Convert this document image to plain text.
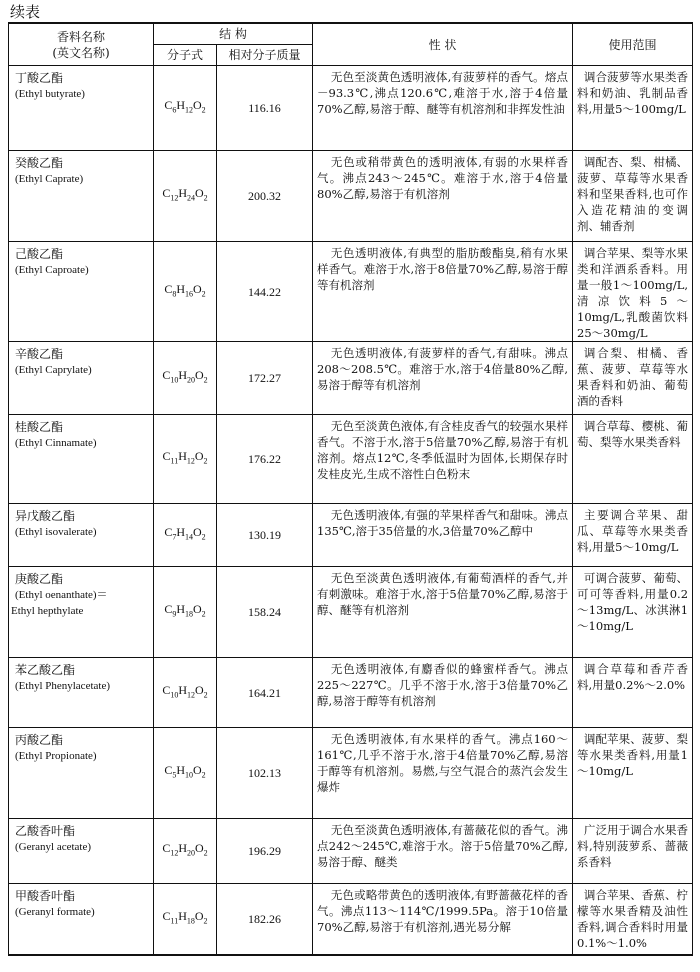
续表
香料名称
(英文名称)	结 构		性 状	使用范围
	分子式	相对分子质量		

丁酸乙酯
(Ethyl butyrate)	$C_6H_{12}O_2$	116.16	无色至淡黄色透明液体,有菠萝样的香气。熔点－93.3℃,沸点120.6℃,难溶于水,溶于4倍量70%乙醇,易溶于醇、醚等有机溶剂和非挥发性油	调合菠萝等水果类香料和奶油、乳制品香料,用量5～100mg/L

癸酸乙酯
(Ethyl Caprate)	$C_{12}H_{24}O_2$	200.32	无色或稍带黄色的透明液体,有弱的水果样香气。沸点243～245℃。难溶于水,溶于4倍量80%乙醇,易溶于有机溶剂	调配杏、梨、柑橘、菠萝、草莓等水果香料和坚果香料,也可作入造花精油的变调剂、辅香剂

己酸乙酯
(Ethyl Caproate)	$C_8H_{16}O_2$	144.22	无色透明液体,有典型的脂肪酸酯臭,稍有水果样香气。难溶于水,溶于8倍量70%乙醇,易溶于醇等有机溶剂	调合苹果、梨等水果类和洋酒系香料。用量一般1～100mg/L,清凉饮料5～10mg/L,乳酸菌饮料25～30mg/L

辛酸乙酯
(Ethyl Caprylate)	$C_{10}H_{20}O_2$	172.27	无色透明液体,有菠萝样的香气,有甜味。沸点208～208.5℃。难溶于水,溶于4倍量80%乙醇,易溶于醇等有机溶剂	调合梨、柑橘、香蕉、菠萝、草莓等水果香料和奶油、葡萄酒的香料

桂酸乙酯
(Ethyl Cinnamate)	$C_{11}H_{12}O_2$	176.22	无色至淡黄色液体,有含桂皮香气的较强水果样香气。不溶于水,溶于5倍量70%乙醇,易溶于有机溶剂。熔点12℃,冬季低温时为固体,长期保存时发桂皮光,生成不溶性白色粉末	调合草莓、樱桃、葡萄、梨等水果类香料

异戊酸乙酯
(Ethyl isovalerate)	$C_7H_{14}O_2$	130.19	无色透明液体,有强的苹果样香气和甜味。沸点135℃,溶于35倍量的水,3倍量70%乙醇中	主要调合苹果、甜瓜、草莓等水果类香料,用量5～10mg/L

庚酸乙酯
(Ethyl oenanthate)＝
Ethyl hepthylate	$C_9H_{18}O_2$	158.24	无色至淡黄色透明液体,有葡萄酒样的香气,并有刺激味。难溶于水,溶于5倍量70%乙醇,易溶于醇、醚等有机溶剂	可调合菠萝、葡萄、可可等香料,用量0.2～13mg/L、冰淇淋1～10mg/L

苯乙酸乙酯
(Ethyl Phenylacetate)	$C_{10}H_{12}O_2$	164.21	无色透明液体,有麝香似的蜂蜜样香气。沸点225～227℃。几乎不溶于水,溶于3倍量70%乙醇,易溶于醇等有机溶剂	调合草莓和香芹香料,用量0.2%～2.0%

丙酸乙酯
(Ethyl Propionate)	$C_5H_{10}O_2$	102.13	无色透明液体,有水果样的香气。沸点160～161℃,几乎不溶于水,溶于4倍量70%乙醇,易溶于醇等有机溶剂。易燃,与空气混合的蒸汽会发生爆炸	调配苹果、菠萝、梨等水果类香料,用量1～10mg/L

乙酸香叶酯
(Geranyl acetate)	$C_{12}H_{20}O_2$	196.29	无色至淡黄色透明液体,有蔷薇花似的香气。沸点242～245℃,难溶于水。溶于5倍量70%乙醇,易溶于醇、醚类	广泛用于调合水果香料,特别菠萝系、蔷薇系香料

甲酸香叶酯
(Geranyl formate)	$C_{11}H_{18}O_2$	182.26	无色或略带黄色的透明液体,有野蔷薇花样的香气。沸点113～114℃/1999.5Pa。溶于10倍量70%乙醇,易溶于有机溶剂,遇光易分解	调合苹果、香蕉、柠檬等水果香精及油性香料,调合香料时用量0.1%～1.0%
